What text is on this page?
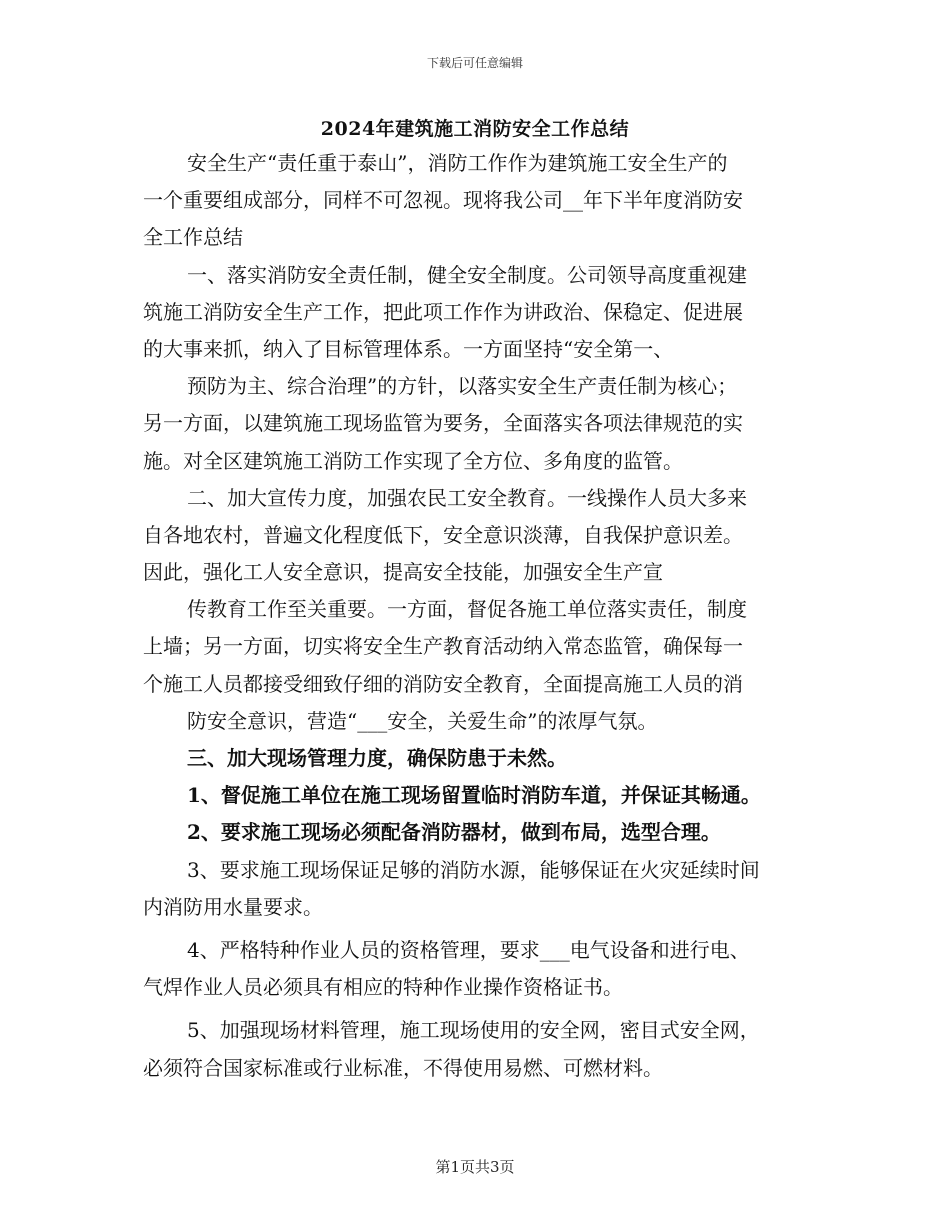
下载后可任意编辑
2024年建筑施工消防安全工作总结
安全生产“责任重于泰山”，消防工作作为建筑施工安全生产的
一个重要组成部分，同样不可忽视。现将我公司__年下半年度消防安
全工作总结
一、落实消防安全责任制，健全安全制度。公司领导高度重视建
筑施工消防安全生产工作，把此项工作作为讲政治、保稳定、促进展
的大事来抓，纳入了目标管理体系。一方面坚持“安全第一、
预防为主、综合治理”的方针，以落实安全生产责任制为核心；
另一方面，以建筑施工现场监管为要务，全面落实各项法律规范的实
施。对全区建筑施工消防工作实现了全方位、多角度的监管。
二、加大宣传力度，加强农民工安全教育。一线操作人员大多来
自各地农村，普遍文化程度低下，安全意识淡薄，自我保护意识差。
因此，强化工人安全意识，提高安全技能，加强安全生产宣
传教育工作至关重要。一方面，督促各施工单位落实责任，制度
上墙；另一方面，切实将安全生产教育活动纳入常态监管，确保每一
个施工人员都接受细致仔细的消防安全教育，全面提高施工人员的消
防安全意识，营造“___安全，关爱生命”的浓厚气氛。
三、加大现场管理力度，确保防患于未然。
1、督促施工单位在施工现场留置临时消防车道，并保证其畅通。
2、要求施工现场必须配备消防器材，做到布局，选型合理。
3、要求施工现场保证足够的消防水源，能够保证在火灾延续时间
内消防用水量要求。
4、严格特种作业人员的资格管理，要求___电气设备和进行电、
气焊作业人员必须具有相应的特种作业操作资格证书。
5、加强现场材料管理，施工现场使用的安全网，密目式安全网，
必须符合国家标准或行业标准，不得使用易燃、可燃材料。
第1页共3页
